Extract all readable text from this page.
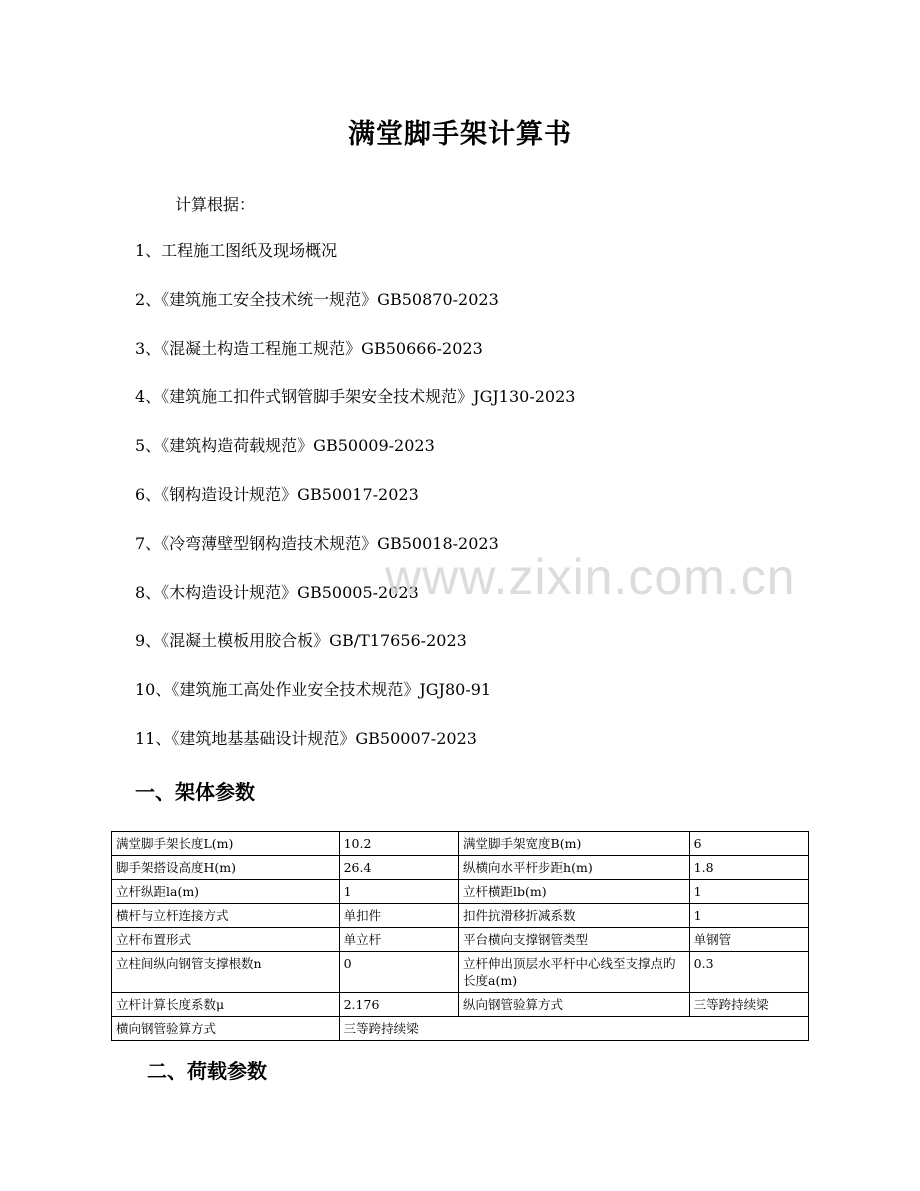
满堂脚手架计算书
计算根据：
1、工程施工图纸及现场概况
2、《建筑施工安全技术统一规范》GB50870-2023
3、《混凝土构造工程施工规范》GB50666-2023
4、《建筑施工扣件式钢管脚手架安全技术规范》JGJ130-2023
5、《建筑构造荷载规范》GB50009-2023
6、《钢构造设计规范》GB50017-2023
7、《冷弯薄壁型钢构造技术规范》GB50018-2023
8、《木构造设计规范》GB50005-2023
9、《混凝土模板用胶合板》GB/T17656-2023
10、《建筑施工高处作业安全技术规范》JGJ80-91
11、《建筑地基基础设计规范》GB50007-2023
www.zixin.com.cn
一、架体参数
满堂脚手架长度L(m)	10.2	满堂脚手架宽度B(m)	6
脚手架搭设高度H(m)	26.4	纵横向水平杆步距h(m)	1.8
立杆纵距la(m)	1	立杆横距lb(m)	1
横杆与立杆连接方式	单扣件	扣件抗滑移折减系数	1
立杆布置形式	单立杆	平台横向支撑钢管类型	单钢管
立柱间纵向钢管支撑根数n	0	立杆伸出顶层水平杆中心线至支撑点旳长度a(m)	0.3
立杆计算长度系数μ	2.176	纵向钢管验算方式	三等跨持续梁
横向钢管验算方式	三等跨持续梁		
二、荷载参数
